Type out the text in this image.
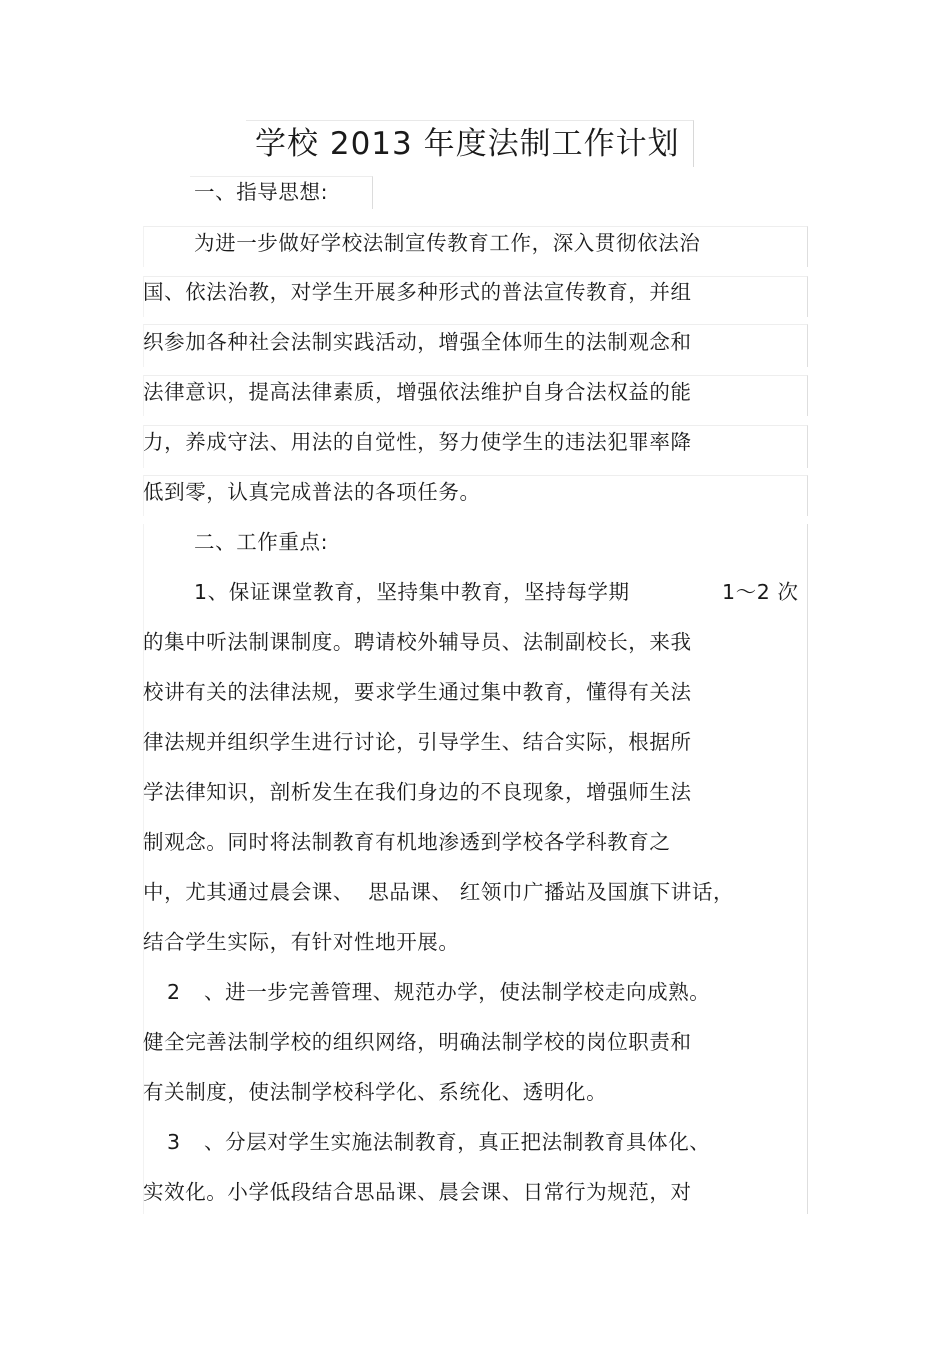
学校 2013 年度法制工作计划
一、指导思想:
为进一步做好学校法制宣传教育工作，深入贯彻依法治
国、依法治教，对学生开展多种形式的普法宣传教育，并组
织参加各种社会法制实践活动，增强全体师生的法制观念和
法律意识，提高法律素质，增强依法维护自身合法权益的能
力，养成守法、用法的自觉性，努力使学生的违法犯罪率降
低到零，认真完成普法的各项任务。
二、工作重点:
1、保证课堂教育，坚持集中教育，坚持每学期	1～2 次
的集中听法制课制度。聘请校外辅导员、法制副校长，来我
校讲有关的法律法规，要求学生通过集中教育，懂得有关法
律法规并组织学生进行讨论，引导学生、结合实际，根据所
学法律知识，剖析发生在我们身边的不良现象，增强师生法
制观念。同时将法制教育有机地渗透到学校各学科教育之
中，尤其通过晨会课、  思品课、 红领巾广播站及国旗下讲话，
结合学生实际，有针对性地开展。
2 、进一步完善管理、规范办学，使法制学校走向成熟。
健全完善法制学校的组织网络，明确法制学校的岗位职责和
有关制度，使法制学校科学化、系统化、透明化。
3 、分层对学生实施法制教育，真正把法制教育具体化、
实效化。小学低段结合思品课、晨会课、日常行为规范，对
